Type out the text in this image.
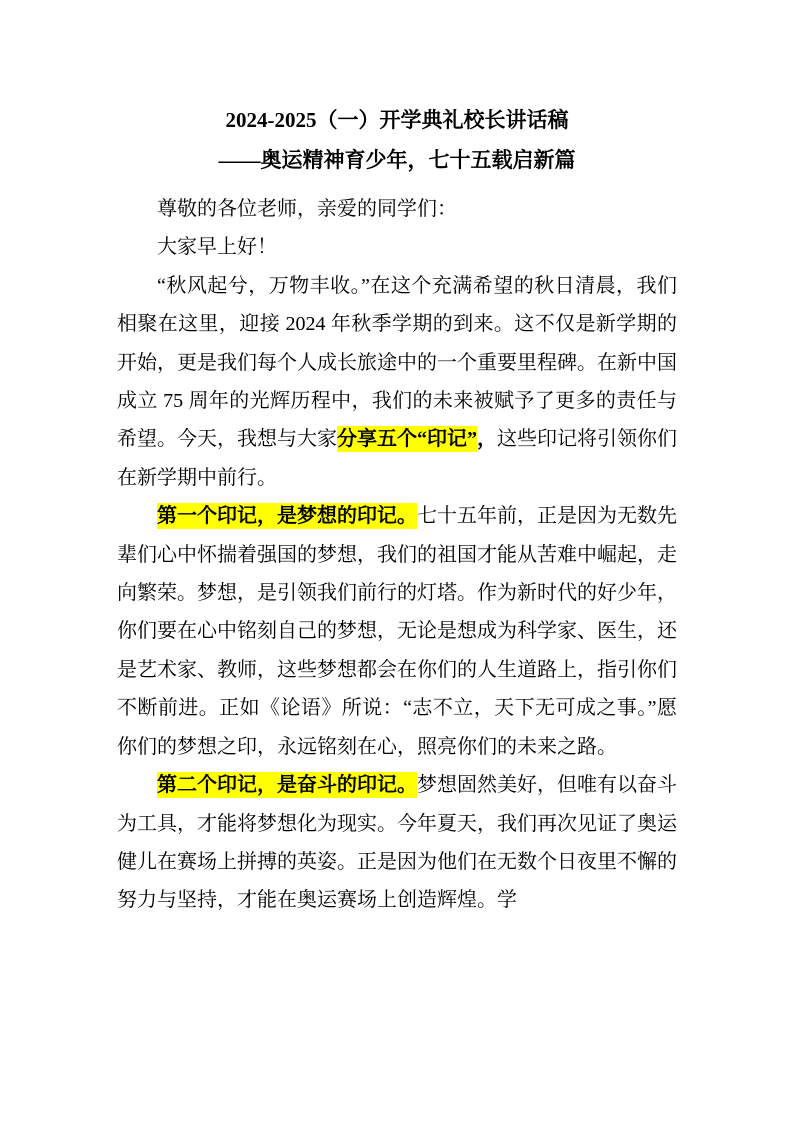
2024-2025（一）开学典礼校长讲话稿
——奥运精神育少年，七十五载启新篇

尊敬的各位老师，亲爱的同学们：

大家早上好！

“秋风起兮，万物丰收。”在这个充满希望的秋日清晨，我们相聚在这里，迎接 2024 年秋季学期的到来。这不仅是新学期的开始，更是我们每个人成长旅途中的一个重要里程碑。在新中国成立 75 周年的光辉历程中，我们的未来被赋予了更多的责任与希望。今天，我想与大家分享五个“印记”，这些印记将引领你们在新学期中前行。

第一个印记，是梦想的印记。七十五年前，正是因为无数先辈们心中怀揣着强国的梦想，我们的祖国才能从苦难中崛起，走向繁荣。梦想，是引领我们前行的灯塔。作为新时代的好少年，你们要在心中铭刻自己的梦想，无论是想成为科学家、医生，还是艺术家、教师，这些梦想都会在你们的人生道路上，指引你们不断前进。正如《论语》所说：“志不立，天下无可成之事。”愿你们的梦想之印，永远铭刻在心，照亮你们的未来之路。

第二个印记，是奋斗的印记。梦想固然美好，但唯有以奋斗为工具，才能将梦想化为现实。今年夏天，我们再次见证了奥运健儿在赛场上拼搏的英姿。正是因为他们在无数个日夜里不懈的努力与坚持，才能在奥运赛场上创造辉煌。学
